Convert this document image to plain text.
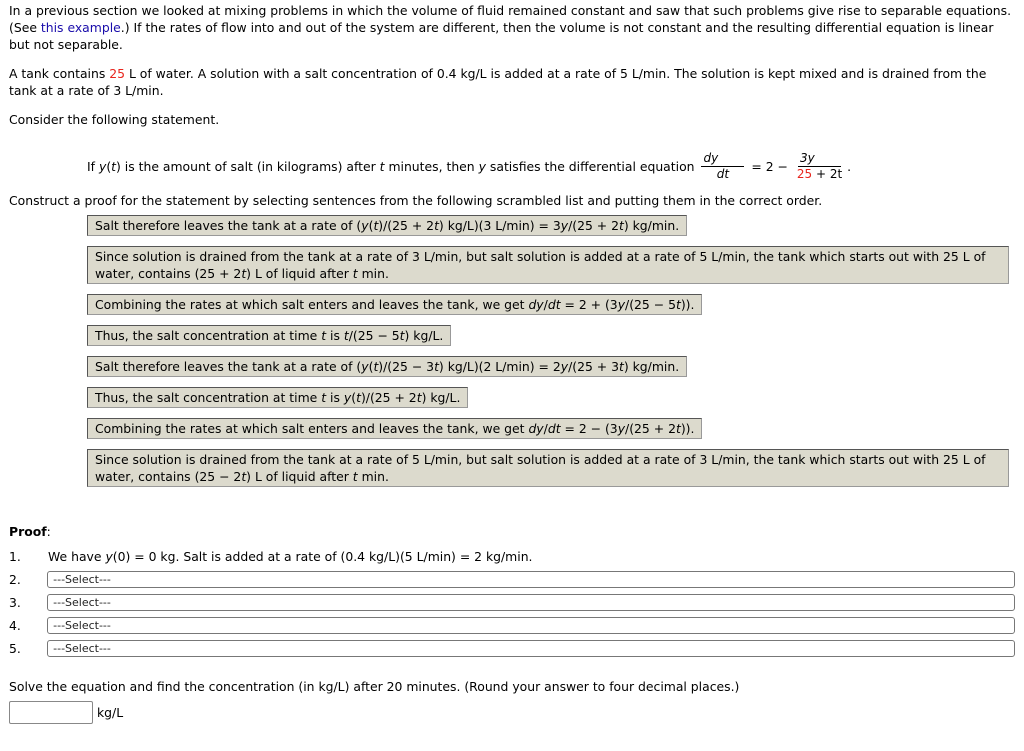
In a previous section we looked at mixing problems in which the volume of fluid remained constant and saw that such problems give rise to separable equations. (See this example.) If the rates of flow into and out of the system are different, then the volume is not constant and the resulting differential equation is linear but not separable.

A tank contains 25 L of water. A solution with a salt concentration of 0.4 kg/L is added at a rate of 5 L/min. The solution is kept mixed and is drained from the tank at a rate of 3 L/min.

Consider the following statement.

If y(t) is the amount of salt (in kilograms) after t minutes, then y satisfies the differential equation $\frac{dy}{dt} = 2 - \frac{3y}{25 + 2t}$ .

Construct a proof for the statement by selecting sentences from the following scrambled list and putting them in the correct order.

Salt therefore leaves the tank at a rate of (y(t)/(25 + 2t) kg/L)(3 L/min) = 3y/(25 + 2t) kg/min.
Since solution is drained from the tank at a rate of 3 L/min, but salt solution is added at a rate of 5 L/min, the tank which starts out with 25 L of water, contains (25 + 2t) L of liquid after t min.
Combining the rates at which salt enters and leaves the tank, we get dy/dt = 2 + (3y/(25 − 5t)).
Thus, the salt concentration at time t is t/(25 − 5t) kg/L.
Salt therefore leaves the tank at a rate of (y(t)/(25 − 3t) kg/L)(2 L/min) = 2y/(25 + 3t) kg/min.
Thus, the salt concentration at time t is y(t)/(25 + 2t) kg/L.
Combining the rates at which salt enters and leaves the tank, we get dy/dt = 2 − (3y/(25 + 2t)).
Since solution is drained from the tank at a rate of 5 L/min, but salt solution is added at a rate of 3 L/min, the tank which starts out with 25 L of water, contains (25 − 2t) L of liquid after t min.
Proof:
1.	We have y(0) = 0 kg. Salt is added at a rate of (0.4 kg/L)(5 L/min) = 2 kg/min.
2.	---Select---
3.	---Select---
4.	---Select---
5.	---Select---

Solve the equation and find the concentration (in kg/L) after 20 minutes. (Round your answer to four decimal places.)

kg/L
